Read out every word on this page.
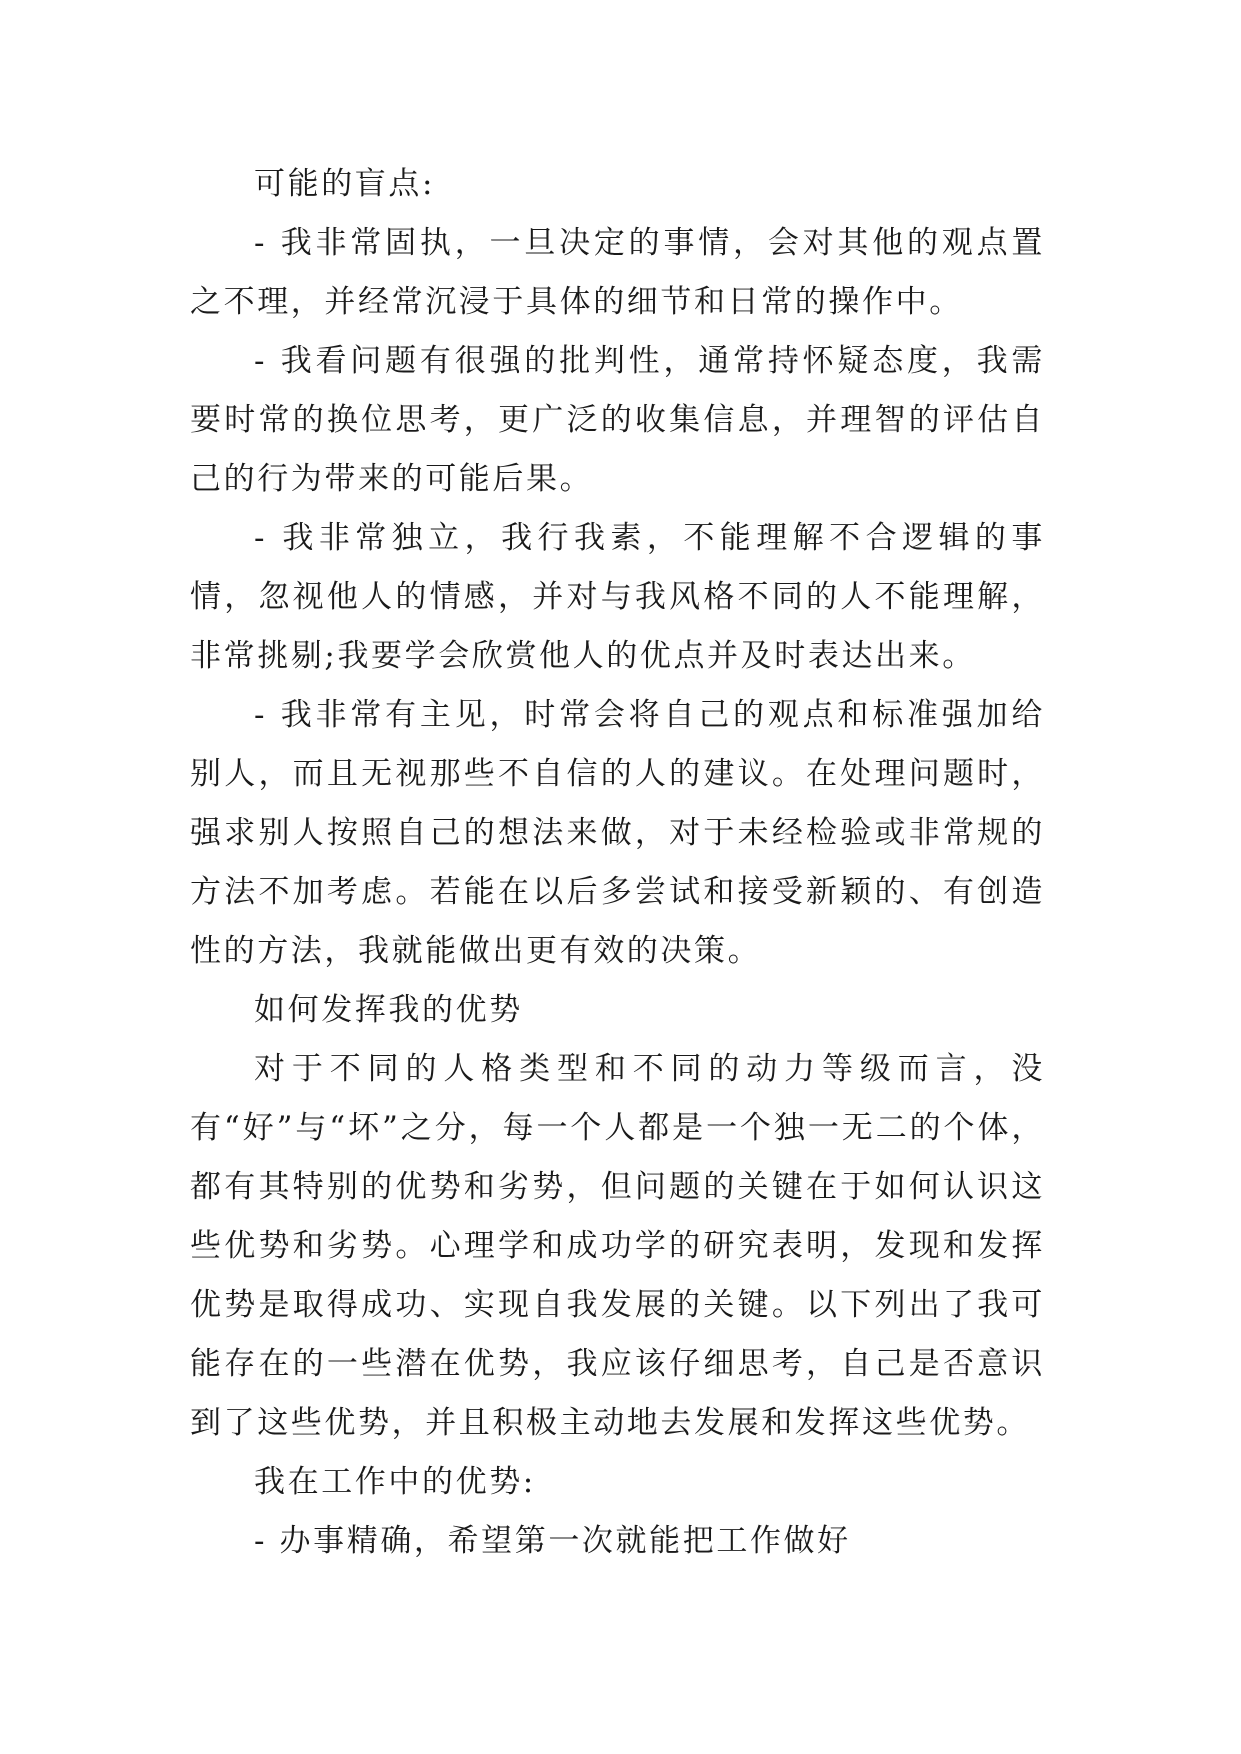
可能的盲点:

- 我非常固执，一旦决定的事情，会对其他的观点置之不理，并经常沉浸于具体的细节和日常的操作中。

- 我看问题有很强的批判性，通常持怀疑态度，我需要时常的换位思考，更广泛的收集信息，并理智的评估自己的行为带来的可能后果。

- 我非常独立，我行我素，不能理解不合逻辑的事情，忽视他人的情感，并对与我风格不同的人不能理解，非常挑剔;我要学会欣赏他人的优点并及时表达出来。

- 我非常有主见，时常会将自己的观点和标准强加给别人，而且无视那些不自信的人的建议。在处理问题时，强求别人按照自己的想法来做，对于未经检验或非常规的方法不加考虑。若能在以后多尝试和接受新颖的、有创造性的方法，我就能做出更有效的决策。

如何发挥我的优势

对于不同的人格类型和不同的动力等级而言，没有“好”与“坏”之分，每一个人都是一个独一无二的个体，都有其特别的优势和劣势，但问题的关键在于如何认识这些优势和劣势。心理学和成功学的研究表明，发现和发挥优势是取得成功、实现自我发展的关键。以下列出了我可能存在的一些潜在优势，我应该仔细思考，自己是否意识到了这些优势，并且积极主动地去发展和发挥这些优势。

我在工作中的优势:

- 办事精确，希望第一次就能把工作做好
